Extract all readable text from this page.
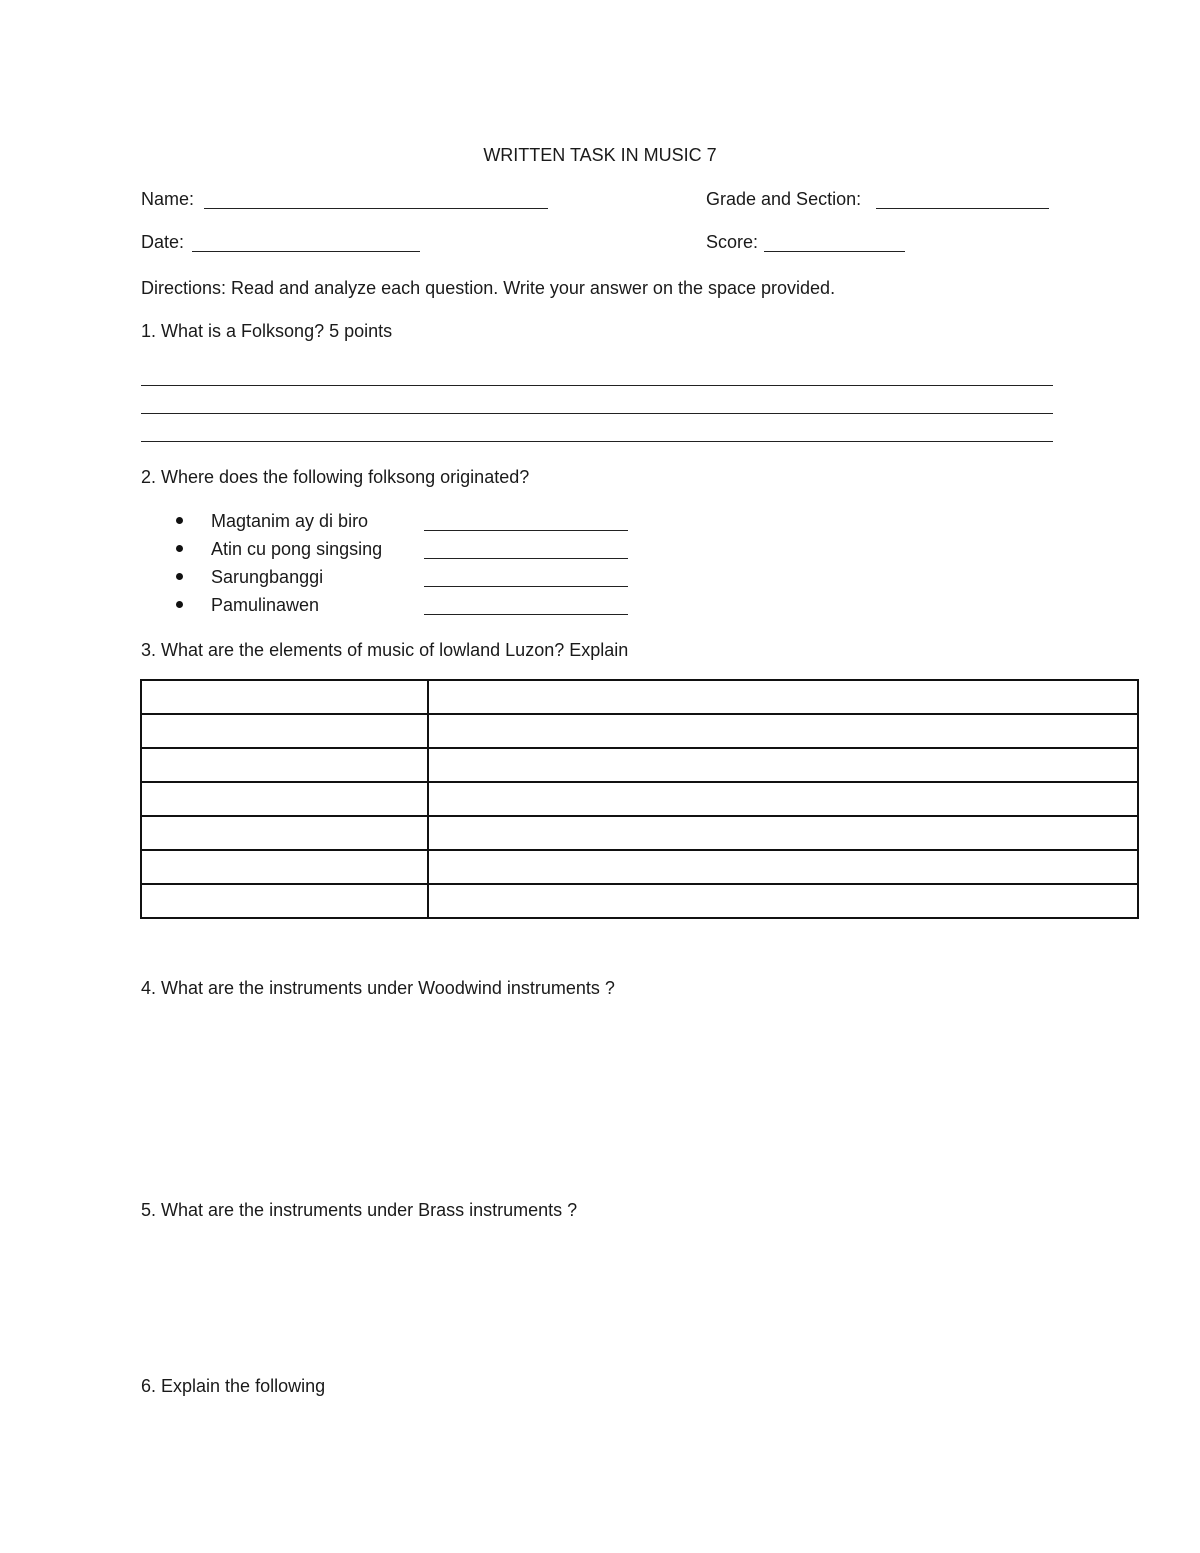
WRITTEN TASK IN MUSIC 7
Name:	Grade and Section:
Date:	Score:
Directions: Read and analyze each question. Write your answer on the space provided.
1. What is a Folksong? 5 points
2. Where does the following folksong originated?
Magtanim ay di biro
Atin cu pong singsing
Sarungbanggi
Pamulinawen
3. What are the elements of music of lowland Luzon? Explain

4. What are the instruments under Woodwind instruments ?
5. What are the instruments under Brass instruments ?
6. Explain the following
